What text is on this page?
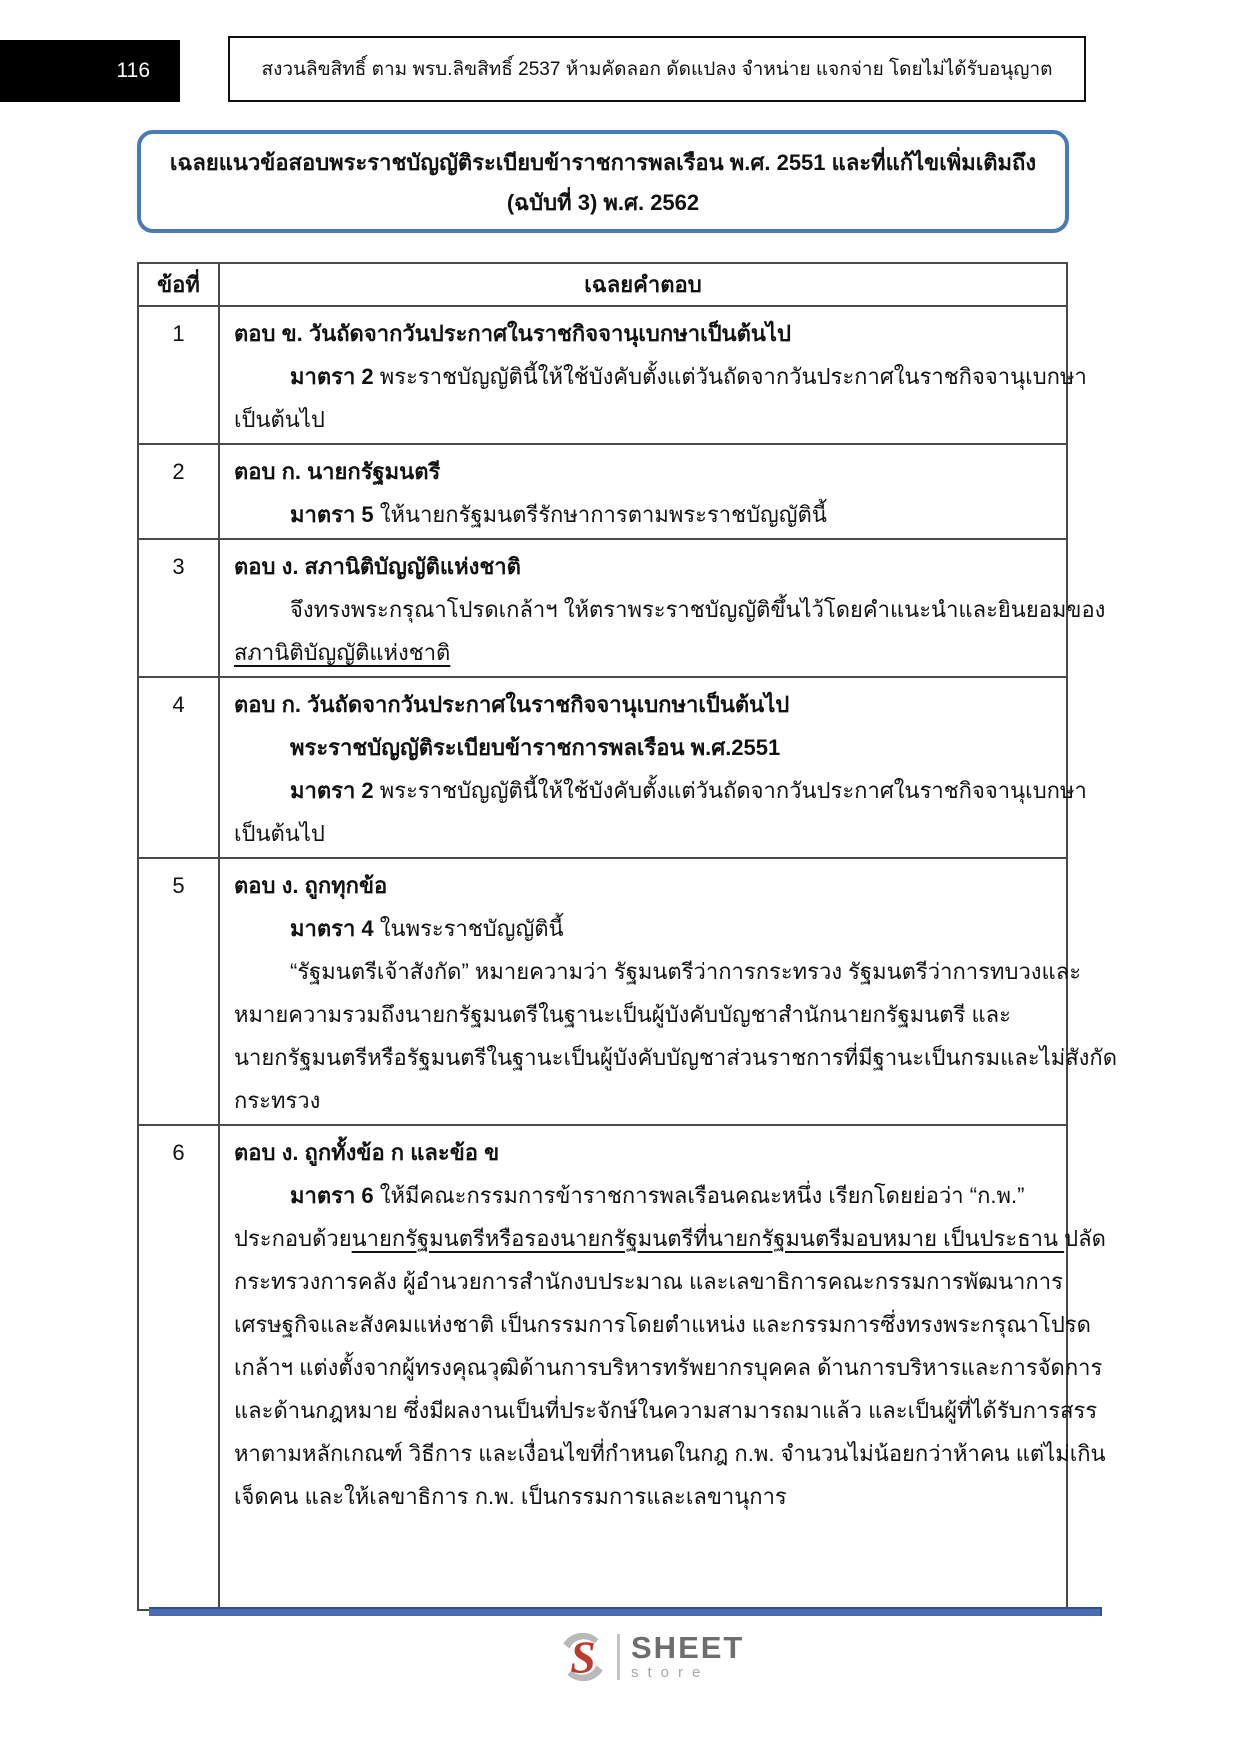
116	สงวนลิขสิทธิ์ ตาม พรบ.ลิขสิทธิ์ 2537 ห้ามคัดลอก ดัดแปลง จำหน่าย แจกจ่าย โดยไม่ได้รับอนุญาต
เฉลยแนวข้อสอบพระราชบัญญัติระเบียบข้าราชการพลเรือน พ.ศ. 2551 และที่แก้ไขเพิ่มเติมถึง
(ฉบับที่ 3) พ.ศ. 2562
ข้อที่	เฉลยคำตอบ
1	ตอบ ข. วันถัดจากวันประกาศในราชกิจจานุเบกษาเป็นต้นไป
มาตรา 2 พระราชบัญญัตินี้ให้ใช้บังคับตั้งแต่วันถัดจากวันประกาศในราชกิจจานุเบกษา
เป็นต้นไป

2	ตอบ ก. นายกรัฐมนตรี
มาตรา 5 ให้นายกรัฐมนตรีรักษาการตามพระราชบัญญัตินี้

3	ตอบ ง. สภานิติบัญญัติแห่งชาติ
จึงทรงพระกรุณาโปรดเกล้าฯ ให้ตราพระราชบัญญัติขึ้นไว้โดยคำแนะนำและยินยอมของ
สภานิติบัญญัติแห่งชาติ

4	ตอบ ก. วันถัดจากวันประกาศในราชกิจจานุเบกษาเป็นต้นไป
พระราชบัญญัติระเบียบข้าราชการพลเรือน พ.ศ.2551
มาตรา 2 พระราชบัญญัตินี้ให้ใช้บังคับตั้งแต่วันถัดจากวันประกาศในราชกิจจานุเบกษา
เป็นต้นไป

5	ตอบ ง. ถูกทุกข้อ
มาตรา 4 ในพระราชบัญญัตินี้
“รัฐมนตรีเจ้าสังกัด” หมายความว่า รัฐมนตรีว่าการกระทรวง รัฐมนตรีว่าการทบวงและ
หมายความรวมถึงนายกรัฐมนตรีในฐานะเป็นผู้บังคับบัญชาสำนักนายกรัฐมนตรี และ
นายกรัฐมนตรีหรือรัฐมนตรีในฐานะเป็นผู้บังคับบัญชาส่วนราชการที่มีฐานะเป็นกรมและไม่สังกัด
กระทรวง

6	ตอบ ง. ถูกทั้งข้อ ก และข้อ ข
มาตรา 6 ให้มีคณะกรรมการข้าราชการพลเรือนคณะหนึ่ง เรียกโดยย่อว่า “ก.พ.”
ประกอบด้วยนายกรัฐมนตรีหรือรองนายกรัฐมนตรีที่นายกรัฐมนตรีมอบหมาย เป็นประธาน ปลัด
กระทรวงการคลัง ผู้อำนวยการสำนักงบประมาณ และเลขาธิการคณะกรรมการพัฒนาการ
เศรษฐกิจและสังคมแห่งชาติ เป็นกรรมการโดยตำแหน่ง และกรรมการซึ่งทรงพระกรุณาโปรด
เกล้าฯ แต่งตั้งจากผู้ทรงคุณวุฒิด้านการบริหารทรัพยากรบุคคล ด้านการบริหารและการจัดการ
และด้านกฎหมาย ซึ่งมีผลงานเป็นที่ประจักษ์ในความสามารถมาแล้ว และเป็นผู้ที่ได้รับการสรร
หาตามหลักเกณฑ์ วิธีการ และเงื่อนไขที่กำหนดในกฎ ก.พ. จำนวนไม่น้อยกว่าห้าคน แต่ไม่เกิน
เจ็ดคน และให้เลขาธิการ ก.พ. เป็นกรรมการและเลขานุการ
S SHEET
store
